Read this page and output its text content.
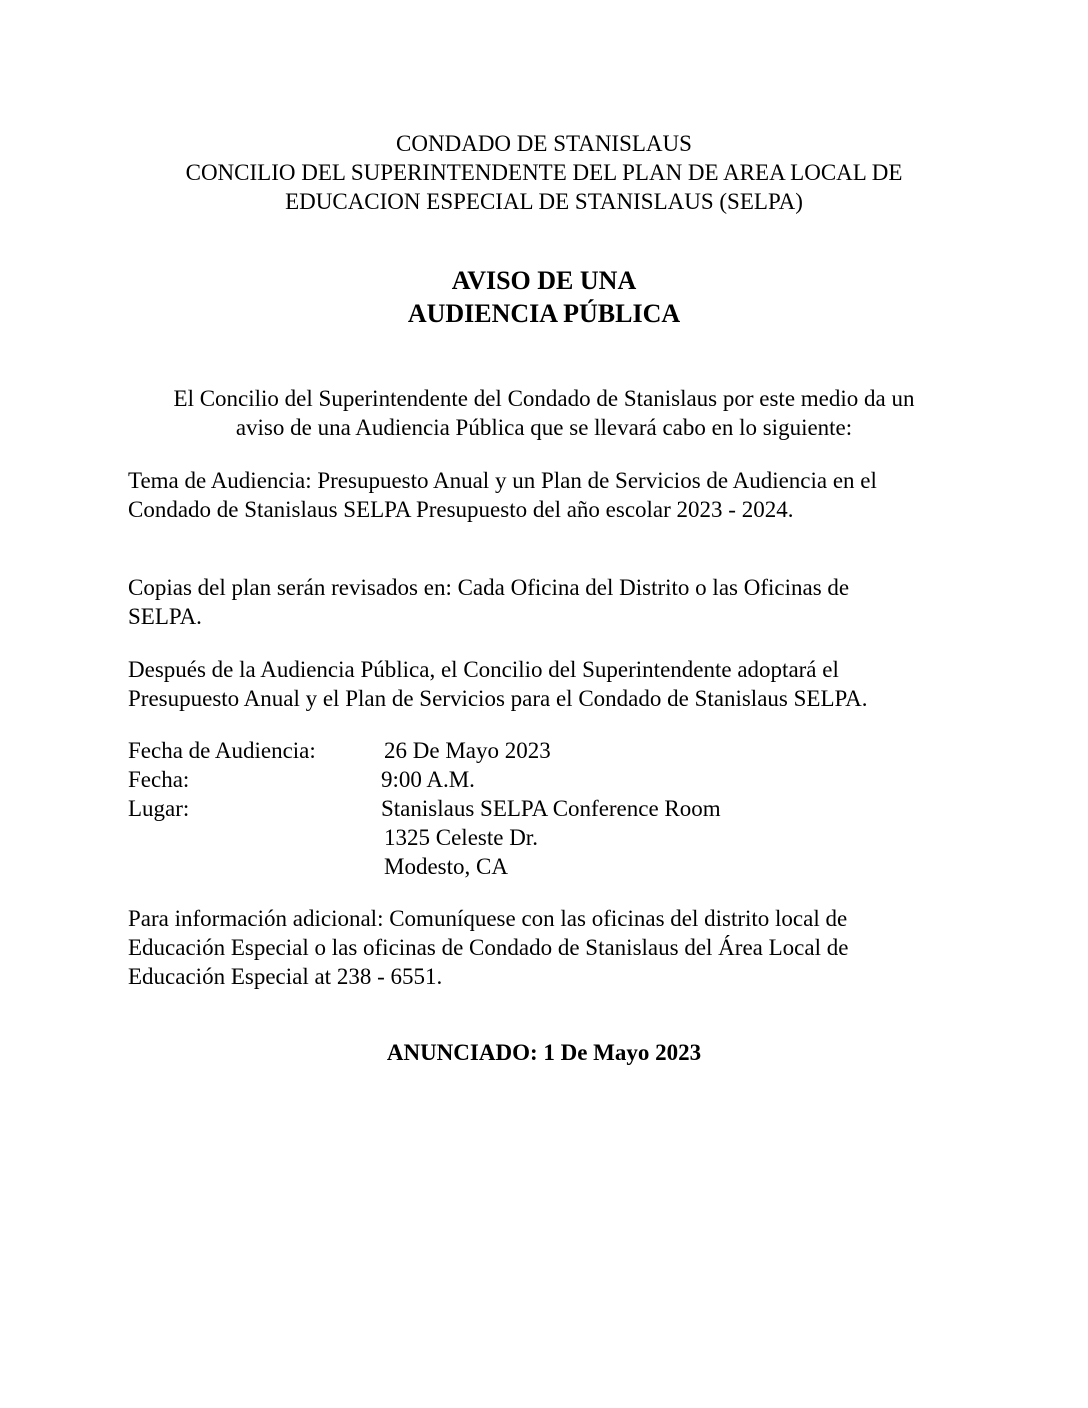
CONDADO DE STANISLAUS
CONCILIO DEL SUPERINTENDENTE DEL PLAN DE AREA LOCAL DE
EDUCACION ESPECIAL DE STANISLAUS (SELPA)
AVISO DE UNA
AUDIENCIA PÚBLICA
El Concilio del Superintendente del Condado de Stanislaus por este medio da un
aviso de una Audiencia Pública que se llevará cabo en lo siguiente:
Tema de Audiencia: Presupuesto Anual y un Plan de Servicios de Audiencia en el
Condado de Stanislaus SELPA Presupuesto del año escolar 2023 - 2024.
Copias del plan serán revisados en: Cada Oficina del Distrito o las Oficinas de
SELPA.
Después de la Audiencia Pública, el Concilio del Superintendente adoptará el
Presupuesto Anual y el Plan de Servicios para el Condado de Stanislaus SELPA.
Fecha de Audiencia:	26 De Mayo 2023
Fecha:	9:00 A.M.
Lugar:	Stanislaus SELPA Conference Room
1325 Celeste Dr.
Modesto, CA
Para información adicional: Comuníquese con las oficinas del distrito local de
Educación Especial o las oficinas de Condado de Stanislaus del Área Local de
Educación Especial at 238 - 6551.
ANUNCIADO: 1 De Mayo 2023
